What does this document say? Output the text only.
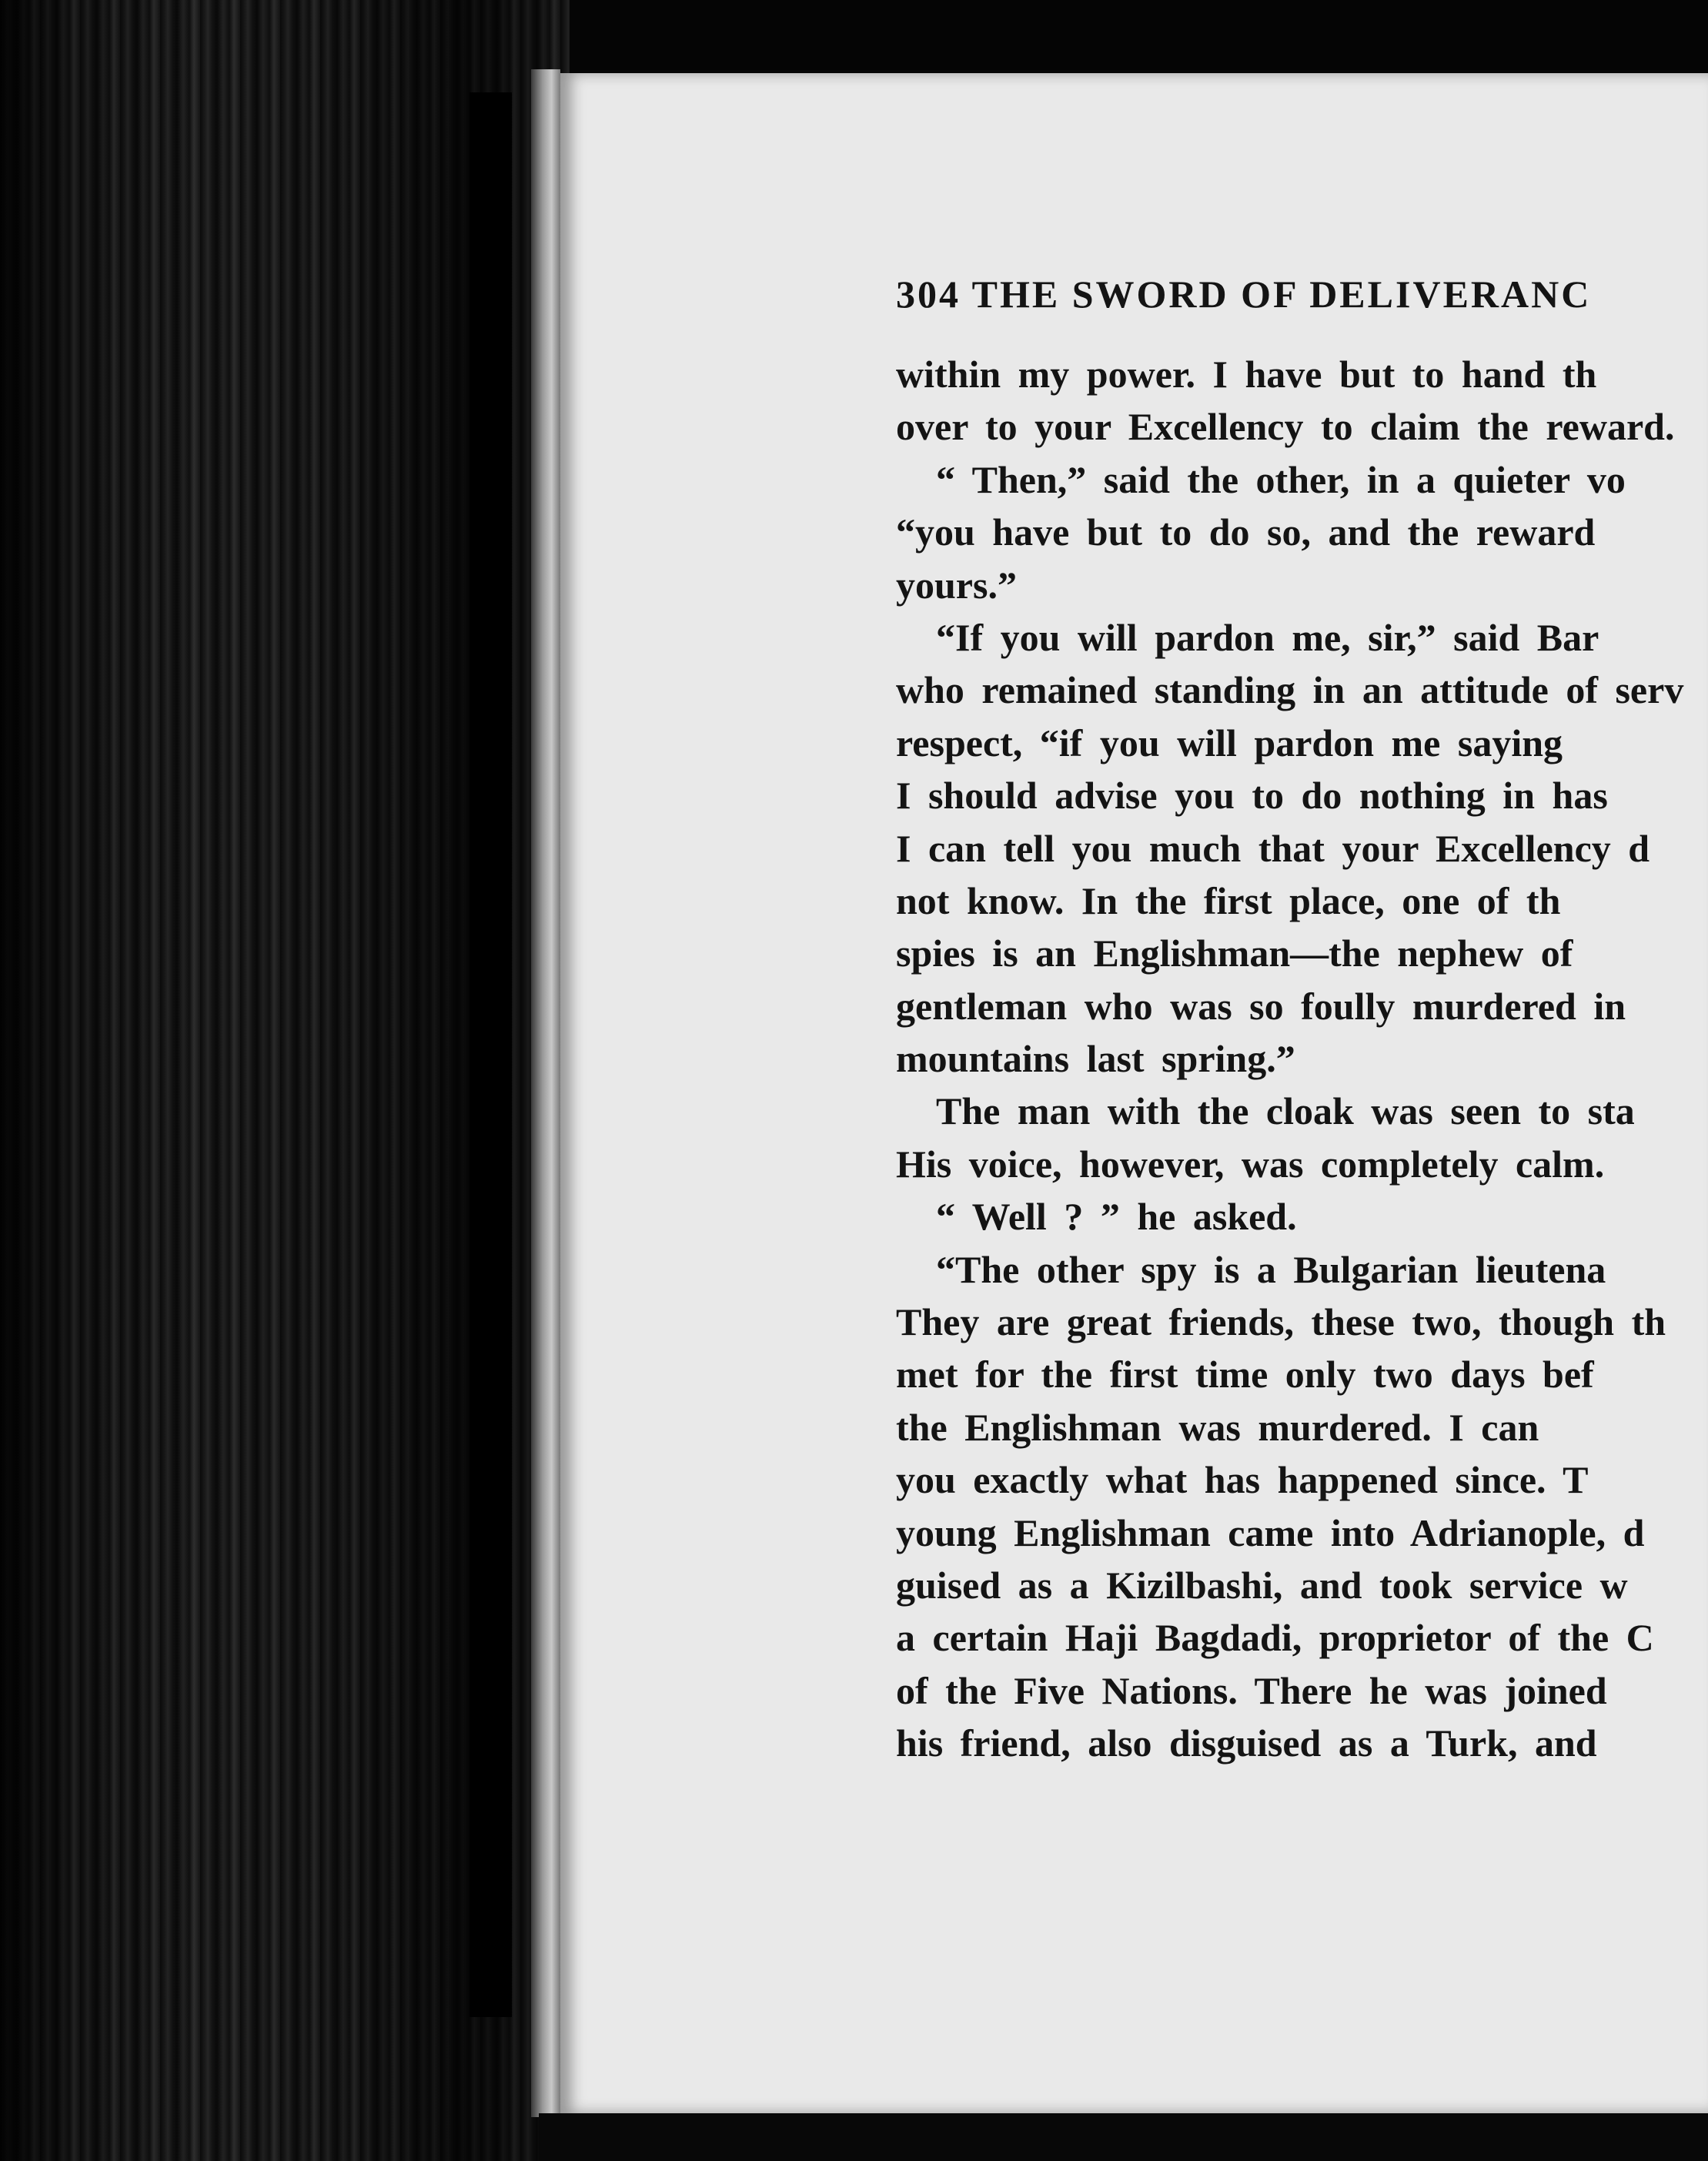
304 THE SWORD OF DELIVERANC
within my power. I have but to hand th
over to your Excellency to claim the reward.
“ Then,” said the other, in a quieter vo
“you have but to do so, and the reward
yours.”
“If you will pardon me, sir,” said Bar
who remained standing in an attitude of serv
respect, “if you will pardon me saying
I should advise you to do nothing in has
I can tell you much that your Excellency d
not know. In the first place, one of th
spies is an Englishman—the nephew of
gentleman who was so foully murdered in
mountains last spring.”
The man with the cloak was seen to sta
His voice, however, was completely calm.
“ Well ? ” he asked.
“The other spy is a Bulgarian lieutena
They are great friends, these two, though th
met for the first time only two days bef
the Englishman was murdered. I can
you exactly what has happened since. T
young Englishman came into Adrianople, d
guised as a Kizilbashi, and took service w
a certain Haji Bagdadi, proprietor of the C
of the Five Nations. There he was joined
his friend, also disguised as a Turk, and
